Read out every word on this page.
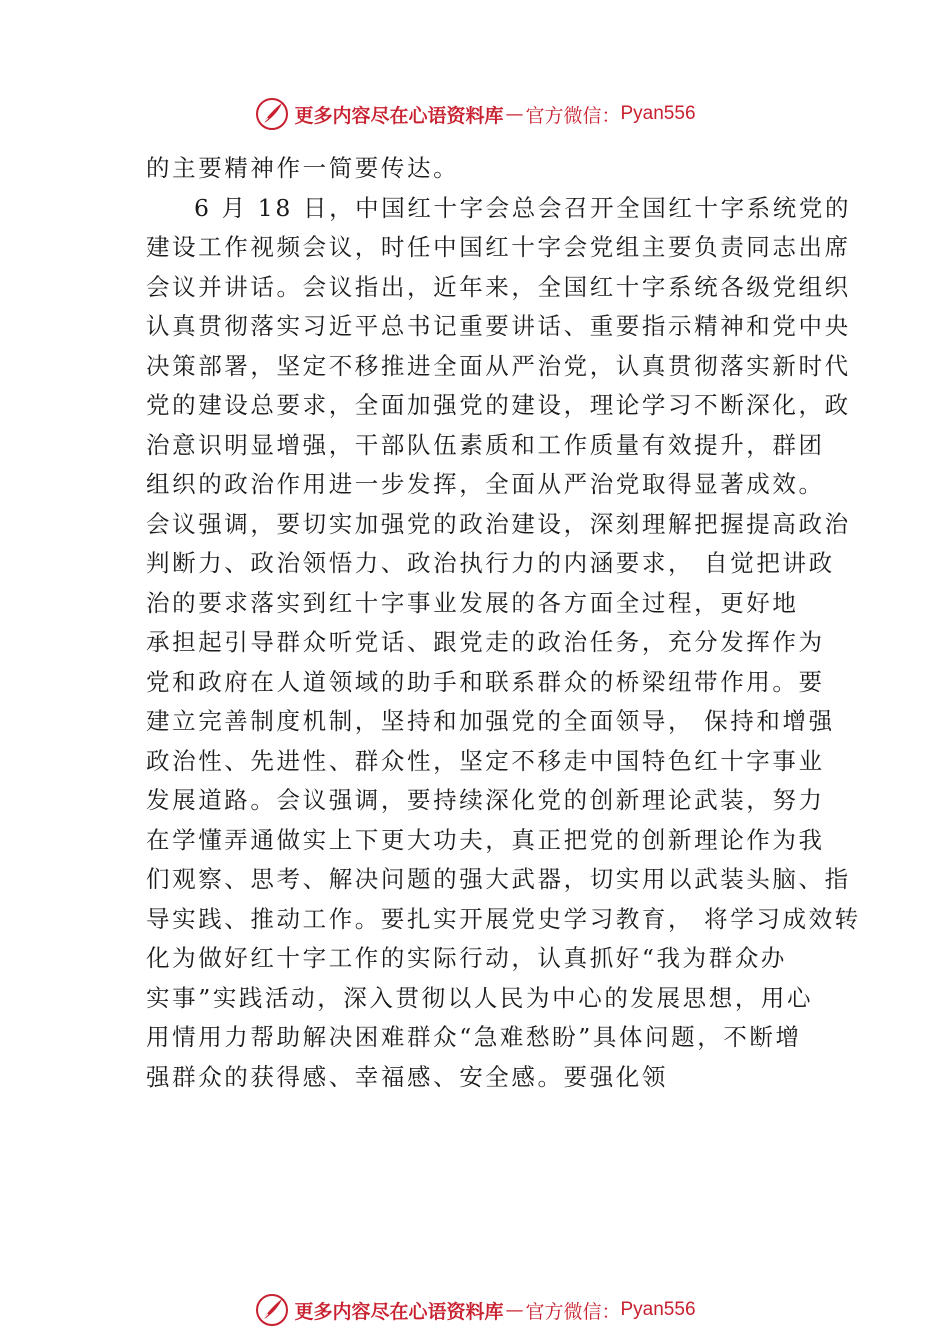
更多内容尽在心语资料库 — 官方微信： Pyan556
的主要精神作一简要传达。
6 月 18 日，中国红十字会总会召开全国红十字系统党的
建设工作视频会议，时任中国红十字会党组主要负责同志出席
会议并讲话。会议指出，近年来，全国红十字系统各级党组织
认真贯彻落实习近平总书记重要讲话、重要指示精神和党中央
决策部署，坚定不移推进全面从严治党，认真贯彻落实新时代
党的建设总要求，全面加强党的建设，理论学习不断深化，政
治意识明显增强，干部队伍素质和工作质量有效提升，群团
组织的政治作用进一步发挥，全面从严治党取得显著成效。
会议强调，要切实加强党的政治建设，深刻理解把握提高政治
判断力、政治领悟力、政治执行力的内涵要求， 自觉把讲政
治的要求落实到红十字事业发展的各方面全过程，更好地
承担起引导群众听党话、跟党走的政治任务，充分发挥作为
党和政府在人道领域的助手和联系群众的桥梁纽带作用。要
建立完善制度机制，坚持和加强党的全面领导， 保持和增强
政治性、先进性、群众性，坚定不移走中国特色红十字事业
发展道路。会议强调，要持续深化党的创新理论武装，努力
在学懂弄通做实上下更大功夫，真正把党的创新理论作为我
们观察、思考、解决问题的强大武器，切实用以武装头脑、指
导实践、推动工作。要扎实开展党史学习教育， 将学习成效转
化为做好红十字工作的实际行动，认真抓好“我为群众办
实事”实践活动，深入贯彻以人民为中心的发展思想，用心
用情用力帮助解决困难群众“急难愁盼”具体问题，不断增
强群众的获得感、幸福感、安全感。要强化领
更多内容尽在心语资料库 — 官方微信： Pyan556
